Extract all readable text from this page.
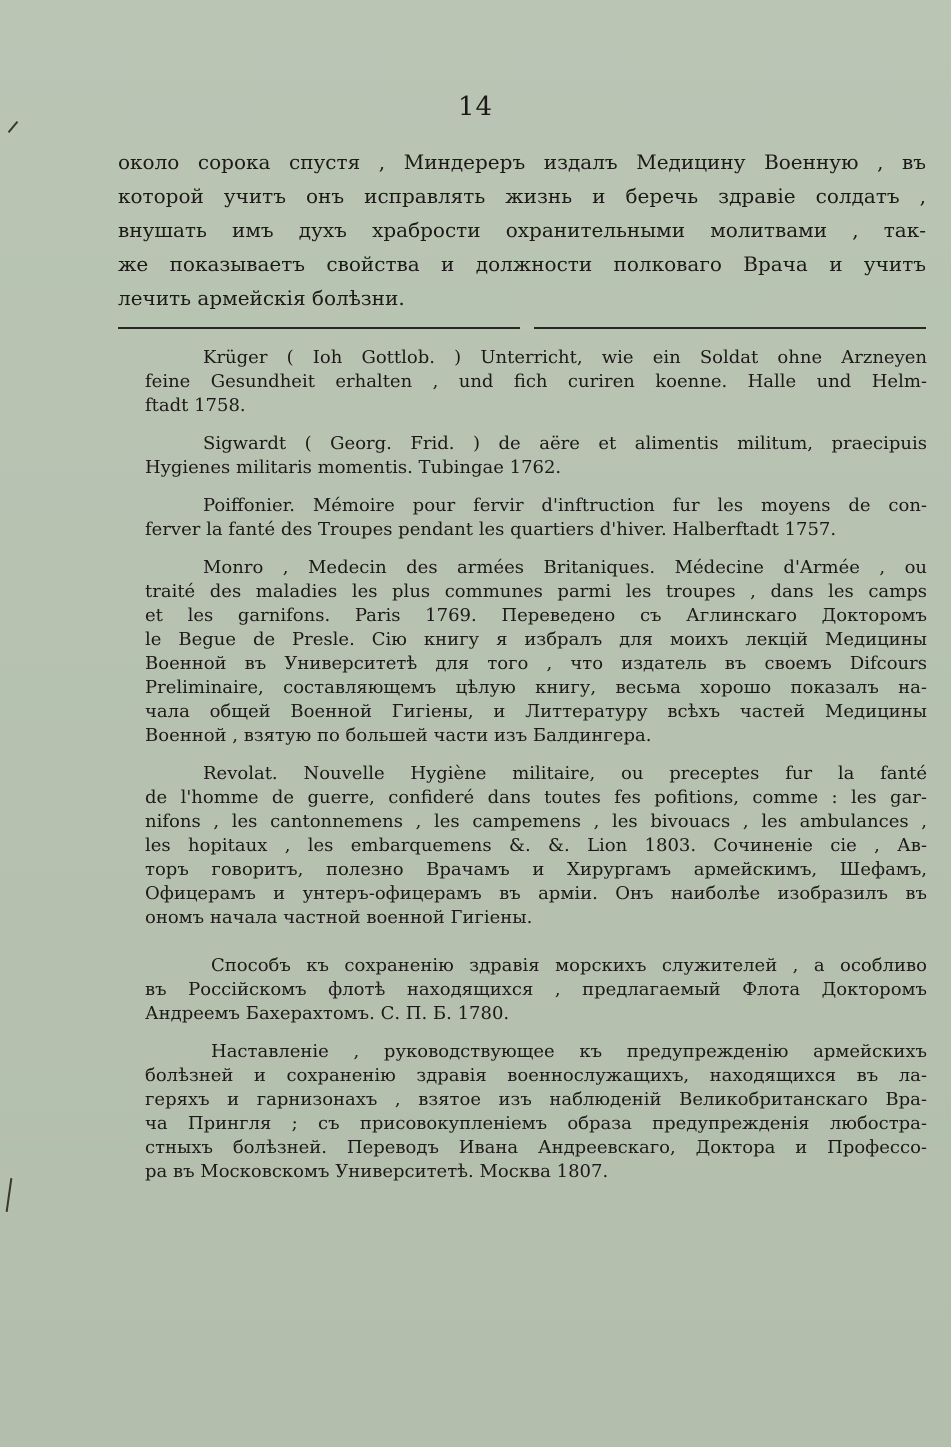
14
около сорока спустя , Миндереръ издалъ Медицину Военную , въ
которой учитъ онъ исправлять жизнь и беречь здравіе солдатъ ,
внушать имъ духъ храбрости охранительными молитвами , так-
же показываетъ свойства и должности полковаго Врача и учитъ
лечить армейскія болѣзни.
Krüger ( Ioh Gottlob. ) Unterricht, wie ein Soldat ohne Arzneyen
feine Gesundheit erhalten , und fich curiren koenne. Halle und Helm-
ftadt 1758.
Sigwardt ( Georg. Frid. ) de aëre et alimentis militum, praecipuis
Hygienes militaris momentis. Tubingae 1762.
Poiffonier. Mémoire pour fervir d'inftruction fur les moyens de con-
ferver la fanté des Troupes pendant les quartiers d'hiver. Halberftadt 1757.
Monro , Medecin des armées Britaniques. Médecine d'Armée , ou
traité des maladies les plus communes parmi les troupes , dans les camps
et les garnifons. Paris 1769. Переведено съ Аглинскаго Докторомъ
le Begue de Presle. Сію книгу я избралъ для моихъ лекцій Медицины
Военной въ Университетѣ для того , что издатель въ своемъ Difcours
Preliminaire, составляющемъ цѣлую книгу, весьма хорошо показалъ на-
чала общей Военной Гигіены, и Литтературу всѣхъ частей Медицины
Военной , взятую по большей части изъ Балдингера.
Revolat. Nouvelle Hygiène militaire, ou preceptes fur la fanté
de l'homme de guerre, confideré dans toutes fes pofitions, comme : les gar-
nifons , les cantonnemens , les campemens , les bivouacs , les ambulances ,
les hopitaux , les embarquemens &. &. Lion 1803. Сочиненіе сіе , Ав-
торъ говоритъ, полезно Врачамъ и Хирургамъ армейскимъ, Шефамъ,
Офицерамъ и унтеръ-офицерамъ въ арміи. Онъ наиболѣе изобразилъ въ
ономъ начала частной военной Гигіены.
Способъ къ сохраненію здравія морскихъ служителей , а особливо
въ Россійскомъ флотѣ находящихся , предлагаемый Флота Докторомъ
Андреемъ Бахерахтомъ. С. П. Б. 1780.
Наставленіе , руководствующее къ предупрежденію армейскихъ
болѣзней и сохраненію здравія военнослужащихъ, находящихся въ ла-
геряхъ и гарнизонахъ , взятое изъ наблюденій Великобританскаго Вра-
ча Прингля ; съ присовокупленіемъ образа предупрежденія любострa-
стныхъ болѣзней. Переводъ Ивана Андреевскаго, Доктора и Профессо-
ра въ Московскомъ Университетѣ. Москва 1807.
